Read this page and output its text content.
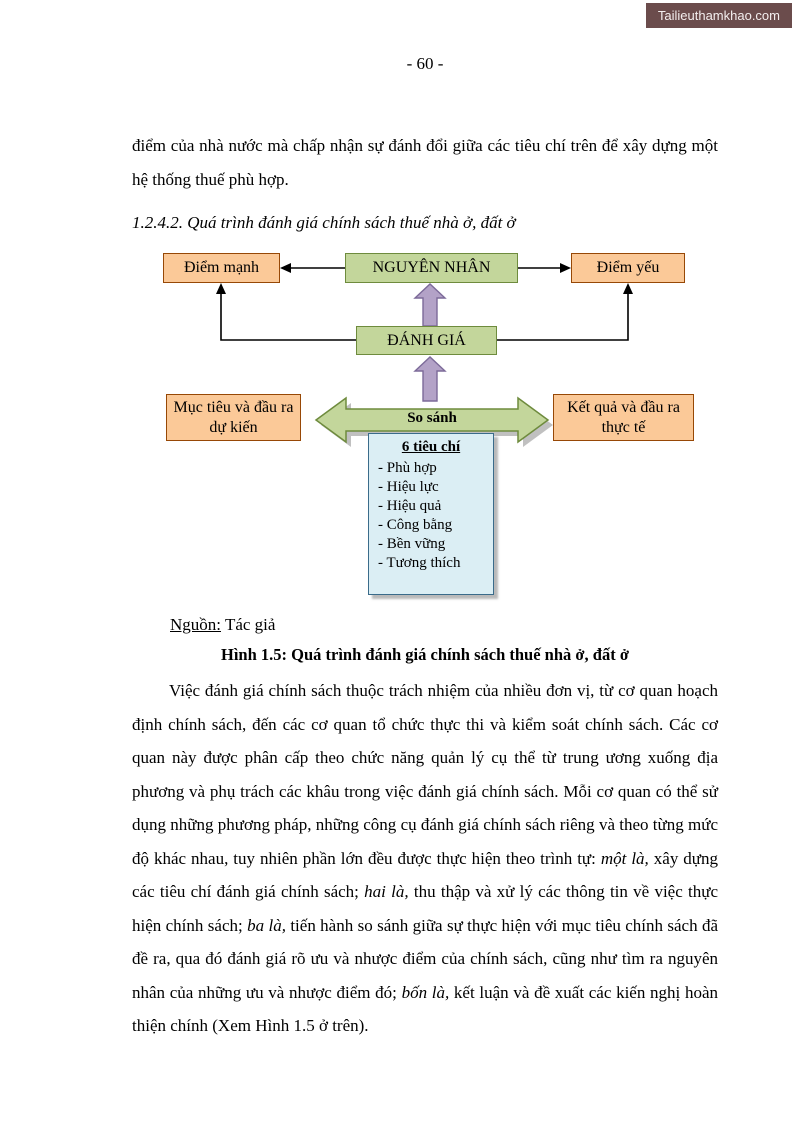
Tailieuthamkhao.com
- 60 -

điểm của nhà nước mà chấp nhận sự đánh đổi giữa các tiêu chí trên để xây dựng một hệ thống thuế phù hợp.

1.2.4.2. Quá trình đánh giá chính sách thuế nhà ở, đất ở

Điểm mạnh	NGUYÊN NHÂN	Điểm yếu
ĐÁNH GIÁ
Mục tiêu và đầu ra dự kiến
Kết quả và đầu ra thực tế
So sánh
6 tiêu chí
- Phù hợp
- Hiệu lực
- Hiệu quả
- Công bằng
- Bền vững
- Tương thích

Nguồn: Tác giả

Hình 1.5: Quá trình đánh giá chính sách thuế nhà ở, đất ở

Việc đánh giá chính sách thuộc trách nhiệm của nhiều đơn vị, từ cơ quan hoạch định chính sách, đến các cơ quan tổ chức thực thi và kiểm soát chính sách. Các cơ quan này được phân cấp theo chức năng quản lý cụ thể từ trung ương xuống địa phương và phụ trách các khâu trong việc đánh giá chính sách. Mỗi cơ quan có thể sử dụng những phương pháp, những công cụ đánh giá chính sách riêng và theo từng mức độ khác nhau, tuy nhiên phần lớn đều được thực hiện theo trình tự: một là, xây dựng các tiêu chí đánh giá chính sách; hai là, thu thập và xử lý các thông tin về việc thực hiện chính sách; ba là, tiến hành so sánh giữa sự thực hiện với mục tiêu chính sách đã đề ra, qua đó đánh giá rõ ưu và nhược điểm của chính sách, cũng như tìm ra nguyên nhân của những ưu và nhược điểm đó; bốn là, kết luận và đề xuất các kiến nghị hoàn thiện chính (Xem Hình 1.5 ở trên).
